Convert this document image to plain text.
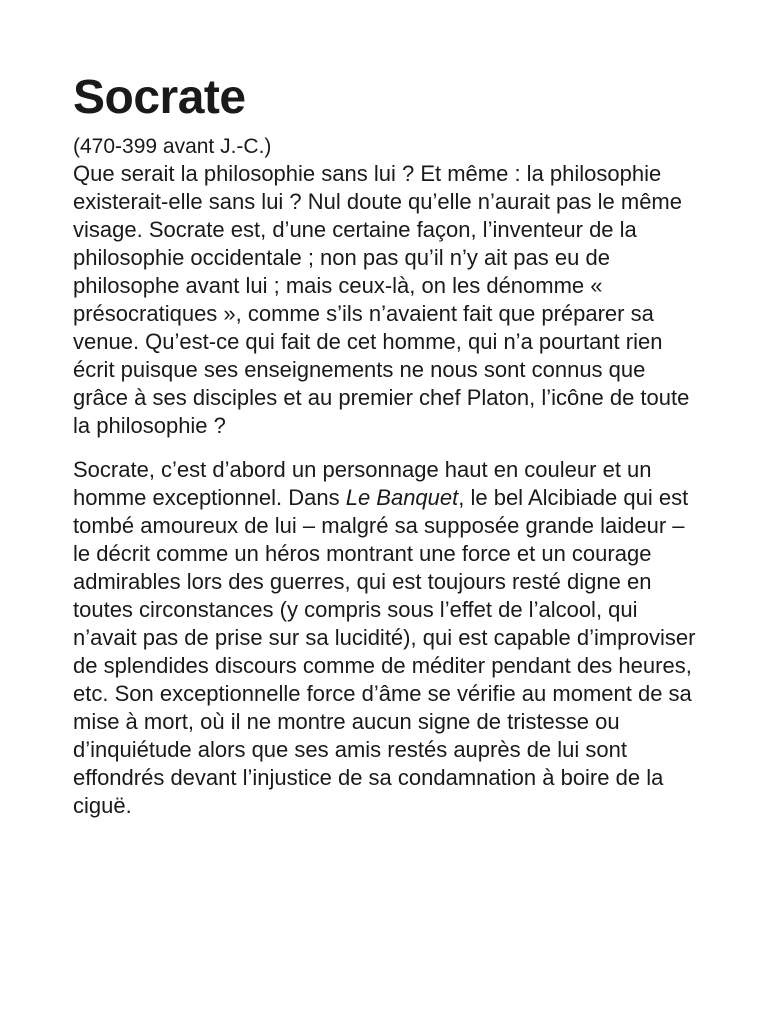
Socrate

(470-399 avant J.-C.)

Que serait la philosophie sans lui ? Et même : la philosophie existerait-elle sans lui ? Nul doute qu’elle n’aurait pas le même visage. Socrate est, d’une certaine façon, l’inventeur de la philosophie occidentale ; non pas qu’il n’y ait pas eu de philosophe avant lui ; mais ceux-là, on les dénomme « présocratiques », comme s’ils n’avaient fait que préparer sa venue. Qu’est-ce qui fait de cet homme, qui n’a pourtant rien écrit puisque ses enseignements ne nous sont connus que grâce à ses disciples et au premier chef Platon, l’icône de toute la philosophie ?

Socrate, c’est d’abord un personnage haut en couleur et un homme exceptionnel. Dans Le Banquet, le bel Alcibiade qui est tombé amoureux de lui – malgré sa supposée grande laideur – le décrit comme un héros montrant une force et un courage admirables lors des guerres, qui est toujours resté digne en toutes circonstances (y compris sous l’effet de l’alcool, qui n’avait pas de prise sur sa lucidité), qui est capable d’improviser de splendides discours comme de méditer pendant des heures, etc. Son exceptionnelle force d’âme se vérifie au moment de sa mise à mort, où il ne montre aucun signe de tristesse ou d’inquiétude alors que ses amis restés auprès de lui sont effondrés devant l’injustice de sa condamnation à boire de la ciguë.
